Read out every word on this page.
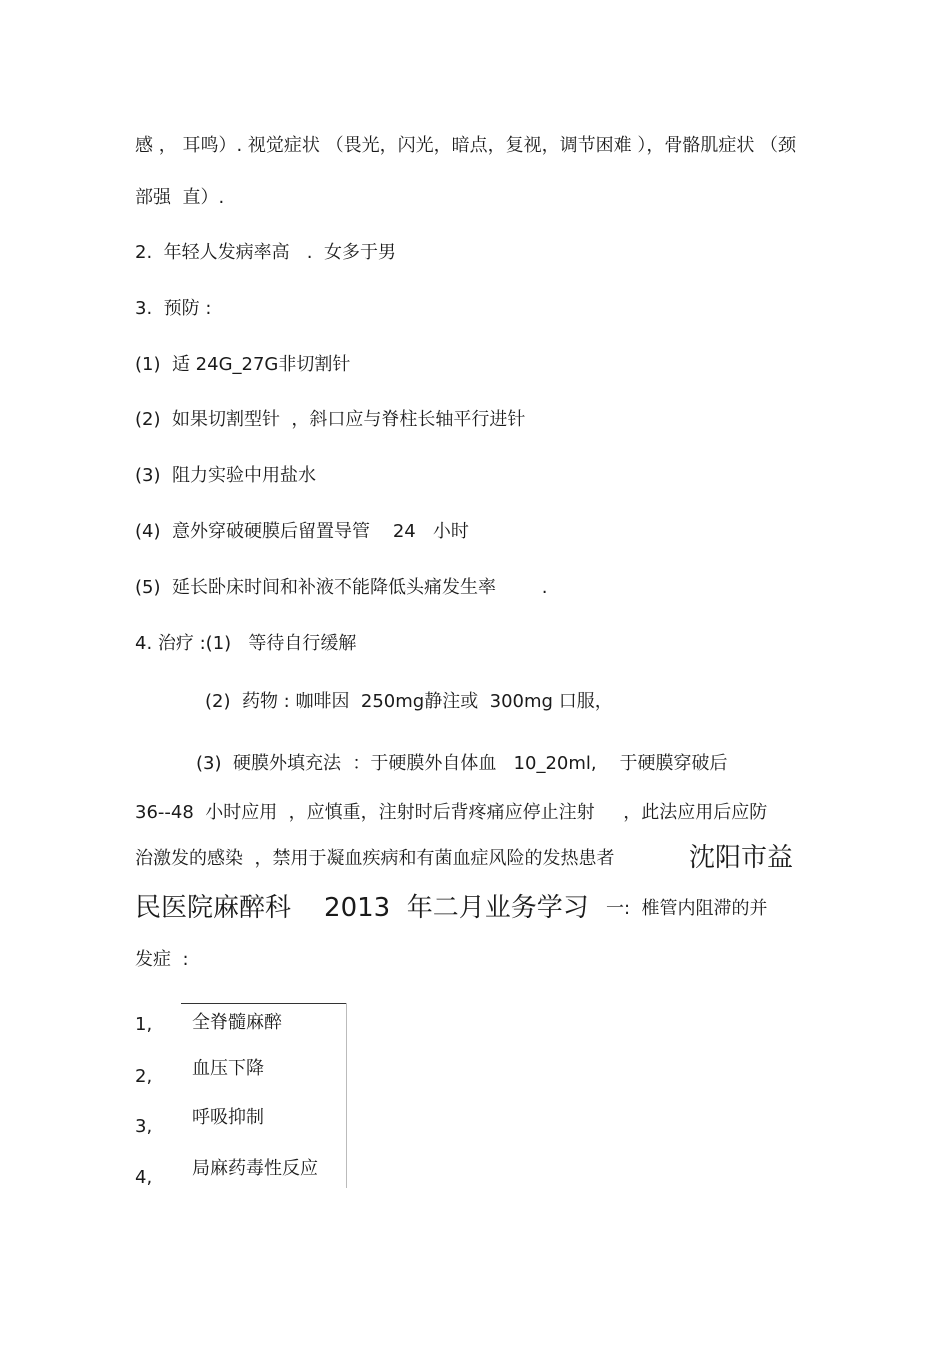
感 ， 耳鸣）. 视觉症状 （畏光，闪光，暗点，复视，调节困难 ），骨骼肌症状 （颈
部强  直）.
2.  年轻人发病率高   .  女多于男
3.  预防 :
(1)  适 24G_27G非切割针
(2)  如果切割型针  ，斜口应与脊柱长轴平行进针
(3)  阻力实验中用盐水
(4)  意外穿破硬膜后留置导管    24   小时
(5)  延长卧床时间和补液不能降低头痛发生率        .
4. 治疗 :(1)   等待自行缓解
(2)  药物 : 咖啡因  250mg静注或  300mg 口服，
(3)  硬膜外填充法  ：于硬膜外自体血   10_20ml,    于硬膜穿破后
36--48  小时应用  ，应慎重，注射时后背疼痛应停止注射     ，此法应用后应防
治激发的感染  ，禁用于凝血疾病和有菌血症风险的发热患者	沈阳市益
民医院麻醉科    2013  年二月业务学习 一:  椎管内阻滞的并
发症  :
1, 全脊髓麻醉
2, 血压下降
3, 呼吸抑制
4, 局麻药毒性反应
